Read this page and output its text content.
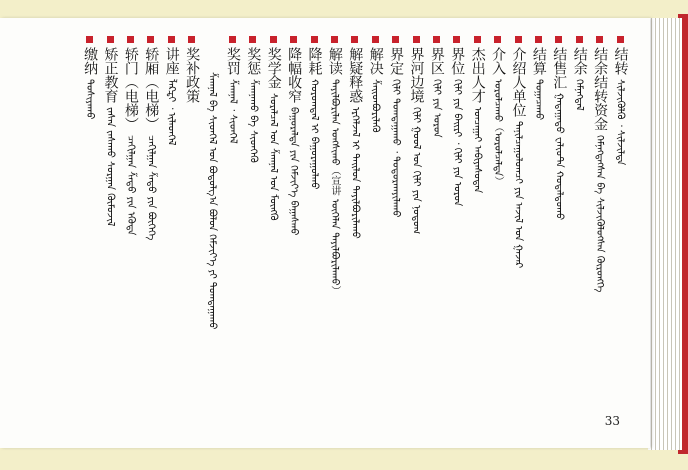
结转
ᠰᠢᠯᠵᠢᠭᠦᠯᠬᠦ ᠂ ᠰᠢᠯᠵᠢᠯᠲᠡ
结余结转资金
ᠬᠡᠮᠨᠡᠭᠳᠡᠭᠰᠡᠨ ᠪᠠ ᠰᠢᠯᠵᠢᠭᠦᠯᠦᠭᠰᠡᠨ ᠬᠥᠷᠥᠩᠭᠡ
结余
ᠬᠡᠮᠨᠡᠭᠳᠡᠯ
结售汇
ᠭᠠᠳᠠᠭᠠᠳᠤ ᠸᠠᠯᠢᠦᠲ᠋ᠠ ᠬᠤᠳᠠᠯᠳᠤᠬᠤ
结算
ᠲᠣᠭᠠᠴᠠᠬᠤ
介绍人单位
ᠲᠠᠨᠢᠯᠴᠠᠭᠤᠯᠤᠭᠴᠢ ᠶᠢᠨ ᠠᠵᠢᠯ ᠤᠨ ᠭᠠᠵᠠᠷ
介入
ᠣᠷᠣᠯᠴᠠᠬᠤ（ᠣᠷᠣᠯᠴᠠᠯᠲᠠ）
杰出人才
ᠣᠨᠴᠠᠭᠠᠢ ᠠᠪᠢᠶᠠᠰᠤᠲᠠᠨ
界位
ᠬᠢᠯᠢ ᠶᠢᠨ ᠪᠠᠢᠷᠢ ᠂ ᠬᠢᠯᠢ ᠶᠢᠨ ᠤᠷᠤᠨ
界区
ᠬᠢᠯᠢ ᠶᠢᠨ ᠣᠷᠣᠨ
界河边境
ᠬᠢᠯᠢ ᠭᠣᠣᠯ ᠤᠨ ᠬᠢᠯᠢ ᠶᠢᠨ ᠨᠤᠲᠤᠭ
界定
ᠬᠢᠯᠢ ᠲᠣᠭᠲᠠᠭᠠᠬᠤ ᠂ ᠲᠣᠳᠤᠷᠬᠠᠶᠢᠯᠠᠬᠤ
解决
ᠱᠡᠢᠳᠪᠦᠷᠢᠯᠡᠬᠦ
解疑释惑
ᠡᠷᠭᠡᠯᠵᠡᠯ ᠢ ᠳᠠᠢᠯᠤᠨ ᠲᠠᠶᠢᠯᠪᠤᠷᠢᠯᠠᠬᠤ
解读
ᠲᠠᠶᠢᠯᠪᠤᠷᠢᠯᠠᠨ ᠤᠩᠰᠢᠬᠤ（宣讲 ᠦᠭᠡᠯᠡᠨ ᠲᠠᠶᠢᠯᠪᠤᠷᠢᠯᠠᠬᠤ）
降耗
ᠬᠣᠷᠣᠭᠳᠠᠯ ᠢ ᠪᠠᠭᠤᠷᠠᠭᠤᠯᠬᠤ
降幅收窄
ᠪᠠᠭᠤᠷᠠᠯᠲᠠ ᠶᠢᠨ ᠬᠡᠮᠵᠢᠶ᠎ᠡ ᠪᠠᠭᠠᠰᠬᠤ
奖学金
ᠰᠤᠷᠠᠯᠴᠠᠯ ᠤᠨ ᠱᠠᠭᠨᠠᠯ ᠤᠨ ᠮᠥᠩᠭᠦ
奖惩
ᠱᠠᠭᠨᠠᠬᠤ ᠪᠠ ᠰᠢᠳᠬᠡᠬᠦ
奖罚
ᠱᠠᠭᠨᠠᠯ ᠂ ᠰᠢᠳᠬᠡᠯ
ᠱᠠᠭᠨᠠᠯ ᠪᠠ ᠰᠢᠳᠬᠡᠯ ᠤᠨ ᠪᠣᠳᠣᠯᠭ᠎ᠠ ᠪᠣᠯᠤᠨ ᠬᠡᠮᠵᠢᠶ᠎ᠡ ᠶᠢ ᠲᠣᠭᠲᠠᠭᠠᠬᠤ
奖补政策
讲座
ᠯᠡᠺᠼᠢ ᠂ ᠢᠯᠡᠳᠬᠡᠯ
轿厢（电梯）
ᠴᠠᠬᠢᠯᠭᠠᠨ ᠱᠠᠲᠤ ᠶᠢᠨ ᠪᠦᠬᠡᠭᠡ
轿门（电梯）
ᠴᠠᠬᠢᠯᠭᠠᠨ ᠱᠠᠲᠤ ᠶᠢᠨ ᠡᠭᠦᠳᠡ
矫正教育
ᠵᠠᠰᠠᠨ ᠵᠠᠰᠠᠬᠤ ᠰᠤᠷᠭᠠᠨ ᠬᠦᠮᠦᠵᠢᠯ
缴纳
ᠲᠤᠰᠢᠶᠠᠬᠤ
33
